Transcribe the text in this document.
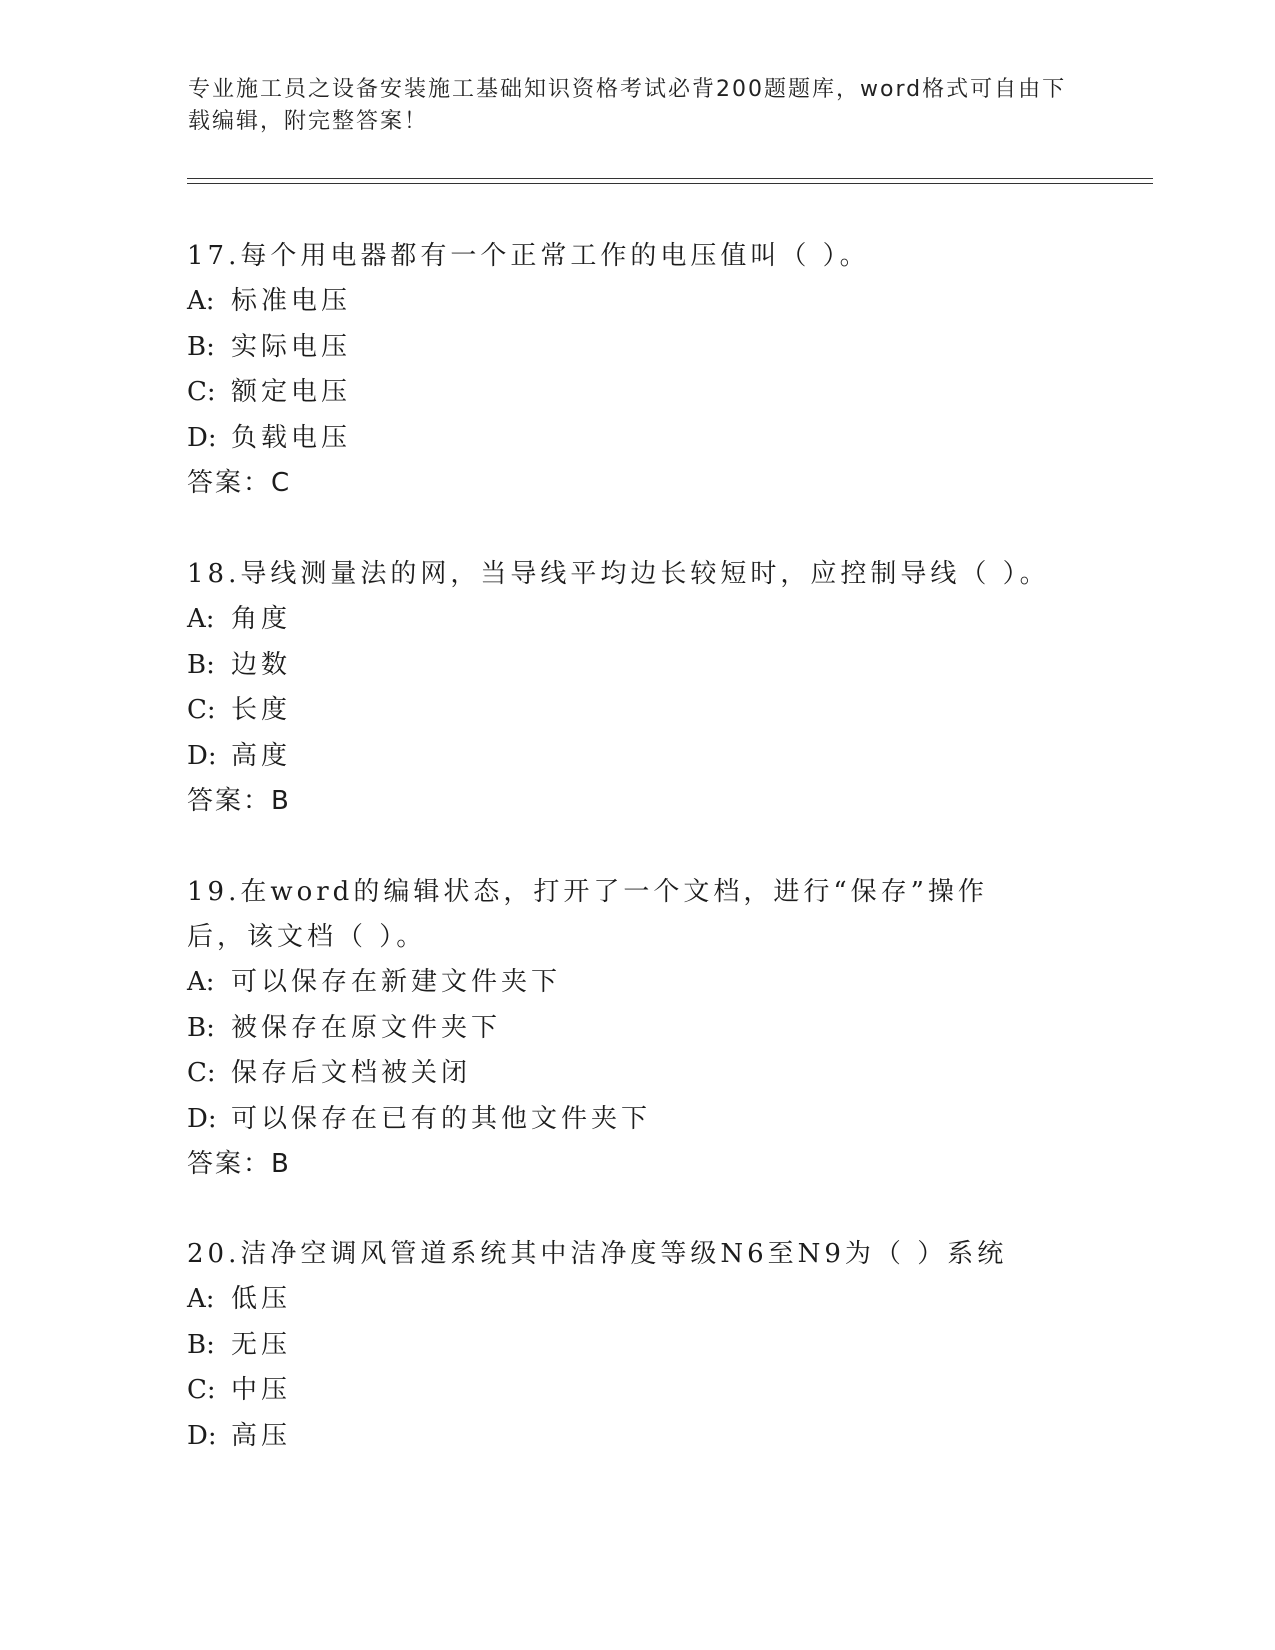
专业施工员之设备安装施工基础知识资格考试必背200题题库，word格式可自由下载编辑，附完整答案！

17.每个用电器都有一个正常工作的电压值叫（ ）。

A: 标准电压

B: 实际电压

C: 额定电压

D: 负载电压

答案：C

18.导线测量法的网，当导线平均边长较短时，应控制导线（ ）。

A: 角度

B: 边数

C: 长度

D: 高度

答案：B

19.在word的编辑状态，打开了一个文档，进行“保存”操作后，该文档（ ）。

A: 可以保存在新建文件夹下

B: 被保存在原文件夹下

C: 保存后文档被关闭

D: 可以保存在已有的其他文件夹下

答案：B

20.洁净空调风管道系统其中洁净度等级N6至N9为（ ）系统

A: 低压

B: 无压

C: 中压

D: 高压
